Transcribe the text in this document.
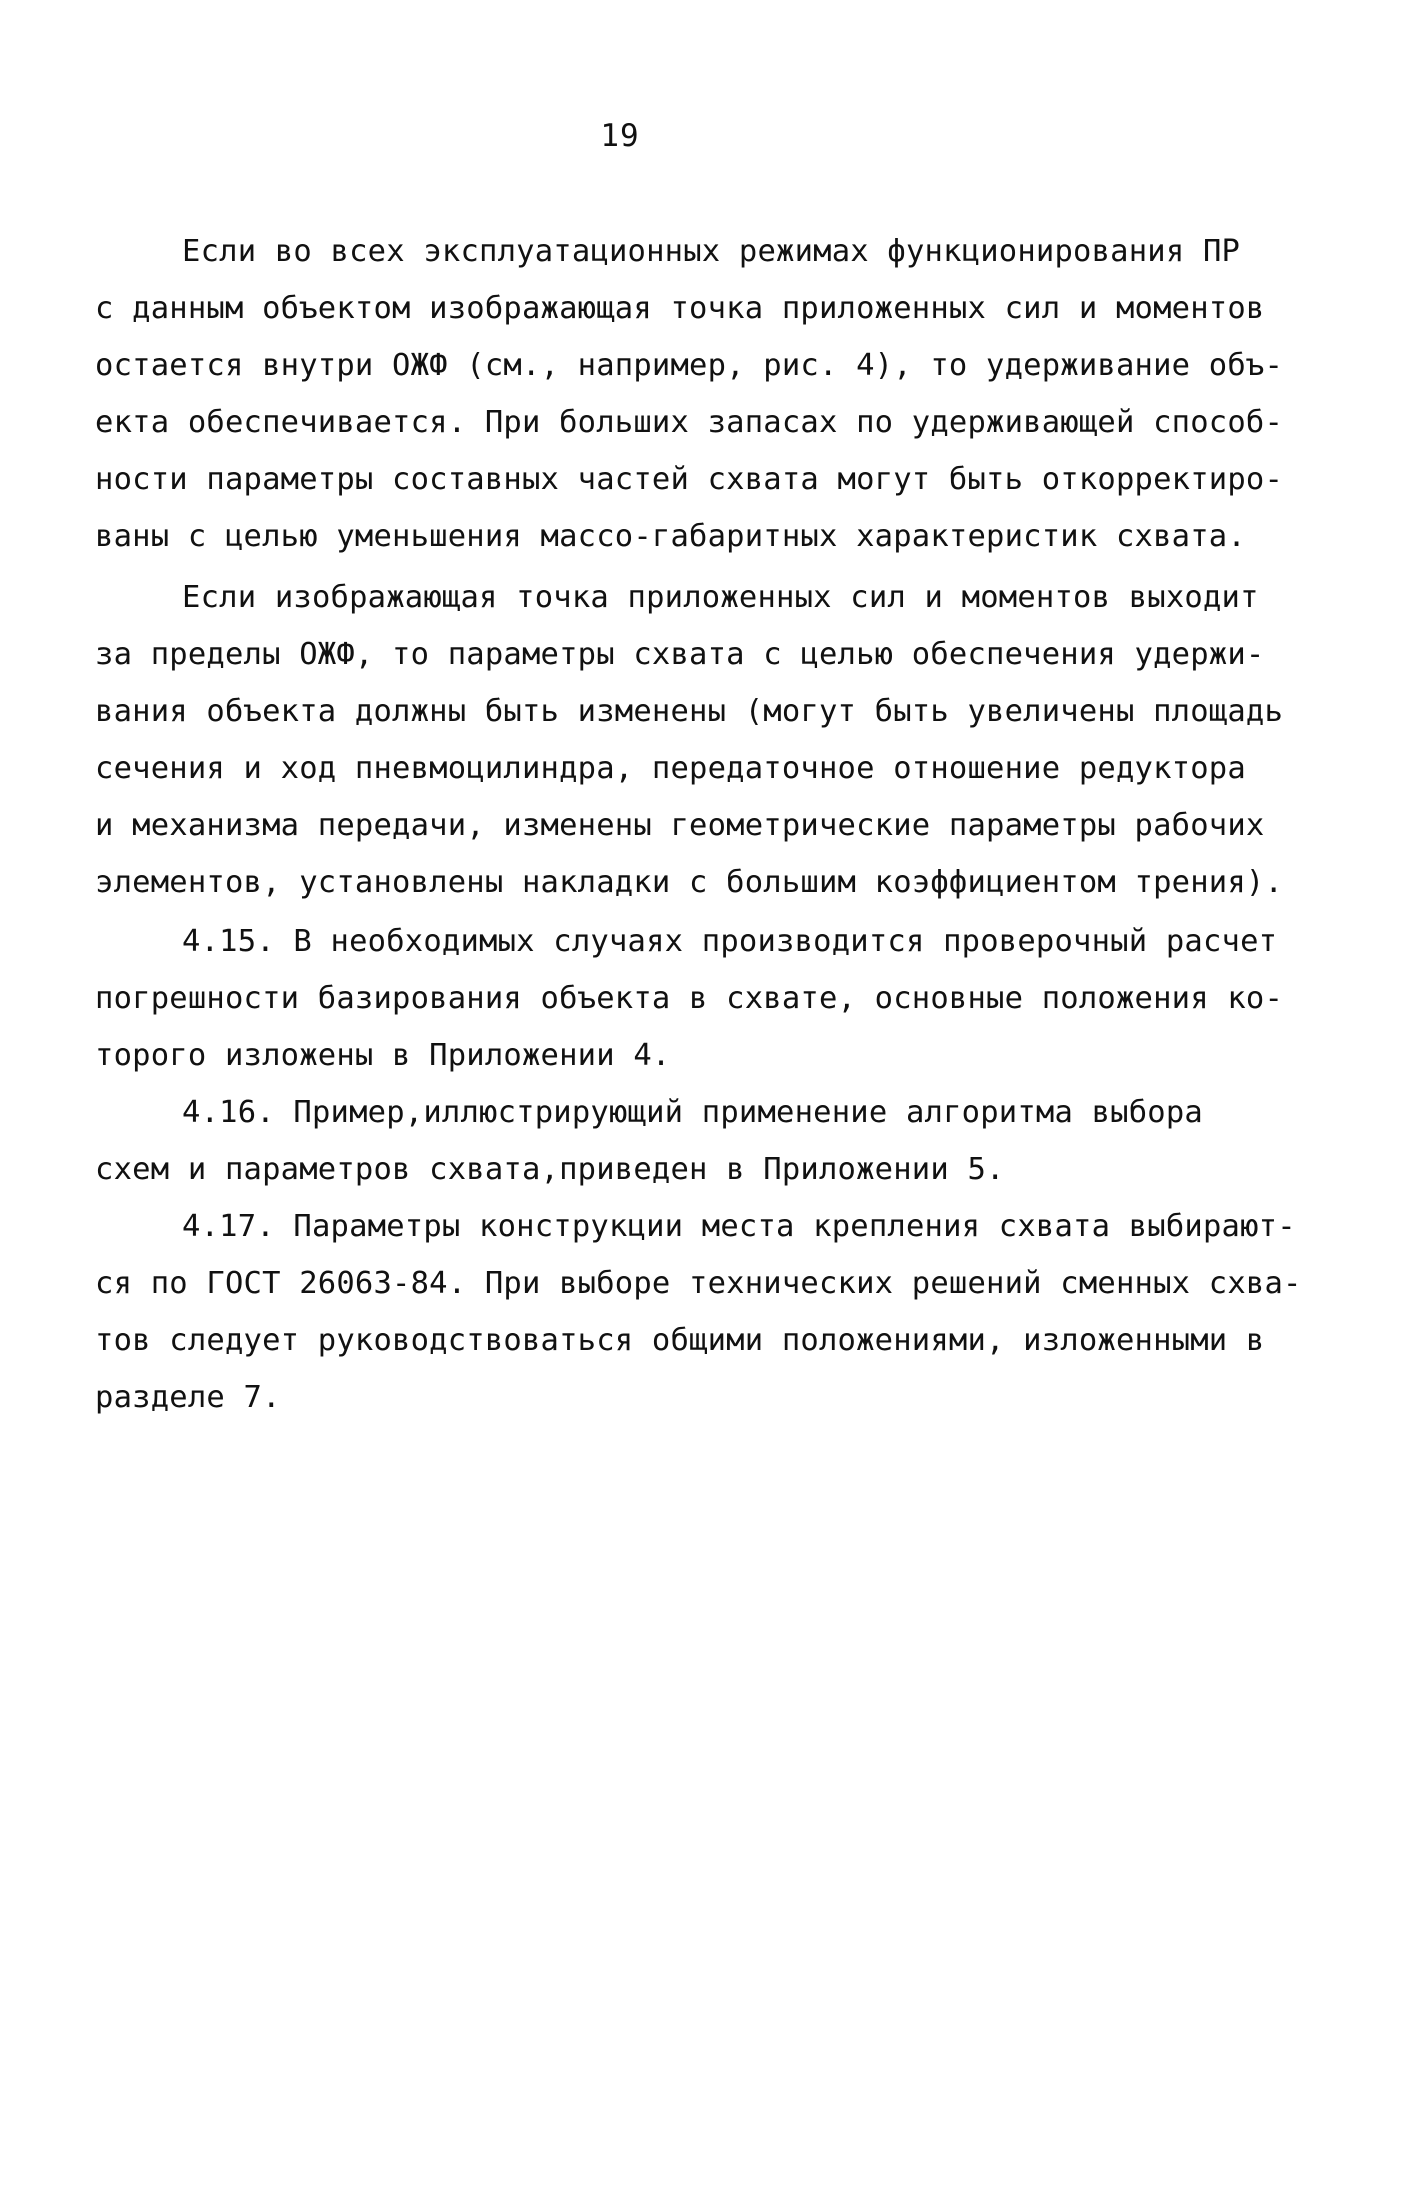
19
Если во всех эксплуатационных режимах функционирования ПР
с данным объектом изображающая точка приложенных сил и моментов
остается внутри ОЖФ (см., например, рис. 4), то удерживание объ-
екта обеспечивается. При больших запасах по удерживающей способ-
ности параметры составных частей схвата могут быть откорректиро-
ваны с целью уменьшения массо-габаритных характеристик схвата.
Если изображающая точка приложенных сил и моментов выходит
за пределы ОЖФ, то параметры схвата с целью обеспечения удержи-
вания объекта должны быть изменены (могут быть увеличены площадь
сечения и ход пневмоцилиндра, передаточное отношение редуктора
и механизма передачи, изменены геометрические параметры рабочих
элементов, установлены накладки с большим коэффициентом трения).
4.15. В необходимых случаях производится проверочный расчет
погрешности базирования объекта в схвате, основные положения ко-
торого изложены в Приложении 4.
4.16. Пример,иллюстрирующий применение алгоритма выбора
схем и параметров схвата,приведен в Приложении 5.
4.17. Параметры конструкции места крепления схвата выбирают-
ся по ГОСТ 26063-84. При выборе технических решений сменных схва-
тов следует руководствоваться общими положениями, изложенными в
разделе 7.
